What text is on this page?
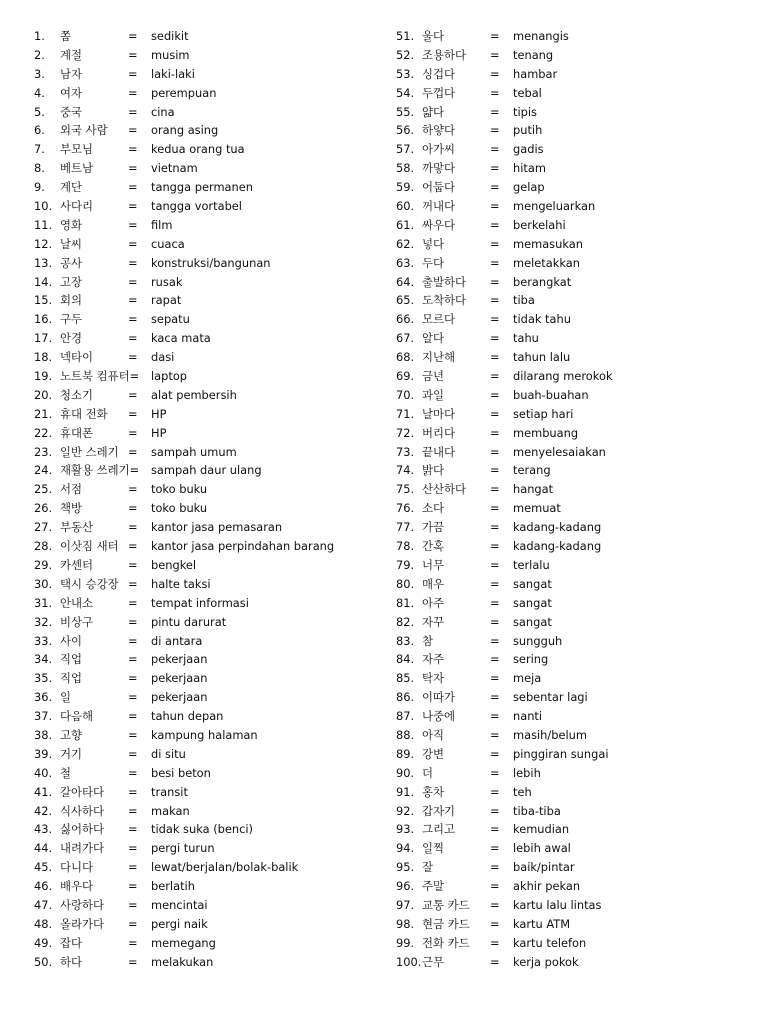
1. 쫌	= sedikit
2. 계절	= musim
3. 남자	= laki-laki
4. 여자	= perempuan
5. 중국	= cina
6. 외국 사람 = orang asing
7. 부모님	= kedua orang tua
8. 베트남	= vietnam
9. 계단	= tangga permanen
10. 사다리	= tangga vortabel
11. 영화	= film
12. 날씨	= cuaca
13. 공사	= konstruksi/bangunan
14. 고장	= rusak
15. 회의	= rapat
16. 구두	= sepatu
17. 안경	= kaca mata
18. 넥타이	= dasi
19. 노트북 컴퓨터= laptop
20. 청소기	= alat pembersih
21. 휴대 전화 = HP
22. 휴대폰	= HP
23. 일반 스레기 = sampah umum
24. 재활용 쓰레기= sampah daur ulang
25. 서점	= toko buku
26. 책방	= toko buku
27. 부동산	= kantor jasa pemasaran
28. 이삿짐 새터 = kantor jasa perpindahan barang
29. 카센터	= bengkel
30. 택시 승강장 = halte taksi
31. 안내소	= tempat informasi
32. 비상구	= pintu darurat
33. 사이	= di antara
34. 직업	= pekerjaan
35. 직업	= pekerjaan
36. 일	= pekerjaan
37. 다음해	= tahun depan
38. 고향	= kampung halaman
39. 거기	= di situ
40. 철	= besi beton
41. 갈아타다 = transit
42. 식사하다 = makan
43. 싫어하다 = tidak suka (benci)
44. 내려가다 = pergi turun
45. 다니다	= lewat/berjalan/bolak-balik
46. 배우다	= berlatih
47. 사랑하다 = mencintai
48. 올라가다 = pergi naik
49. 잡다	= memegang
50. 하다	= melakukan
51. 울다	= menangis
52. 조용하다 = tenang
53. 싱겁다	= hambar
54. 두껍다	= tebal
55. 얇다	= tipis
56. 하얗다	= putih
57. 아가씨	= gadis
58. 까맣다	= hitam
59. 어둡다	= gelap
60. 꺼내다	= mengeluarkan
61. 싸우다	= berkelahi
62. 넣다	= memasukan
63. 두다	= meletakkan
64. 출발하다 = berangkat
65. 도착하다 = tiba
66. 모르다	= tidak tahu
67. 알다	= tahu
68. 지난해	= tahun lalu
69. 금년	= dilarang merokok
70. 과일	= buah-buahan
71. 날마다	= setiap hari
72. 버리다	= membuang
73. 끝내다	= menyelesaiakan
74. 밝다	= terang
75. 산산하다 = hangat
76. 소다	= memuat
77. 가끔	= kadang-kadang
78. 간혹	= kadang-kadang
79. 너무	= terlalu
80. 매우	= sangat
81. 아주	= sangat
82. 자꾸	= sangat
83. 참	= sungguh
84. 자주	= sering
85. 탁자	= meja
86. 이따가	= sebentar lagi
87. 나중에	= nanti
88. 아직	= masih/belum
89. 강변	= pinggiran sungai
90. 더	= lebih
91. 홍차	= teh
92. 갑자기	= tiba-tiba
93. 그리고	= kemudian
94. 일찍	= lebih awal
95. 잘	= baik/pintar
96. 주말	= akhir pekan
97. 교통 카드 = kartu lalu lintas
98. 현금 카드 = kartu ATM
99. 전화 카드 = kartu telefon
100. 근무	= kerja pokok
